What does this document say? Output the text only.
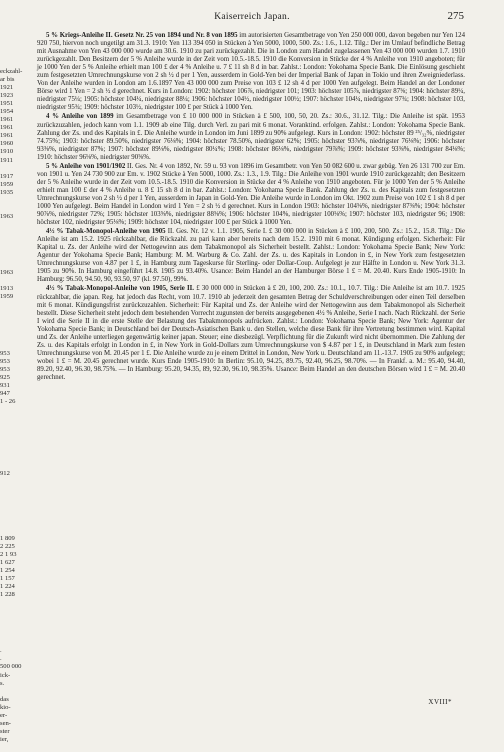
Kaiserreich Japan.	275
eckzahl-
ar bis
1921
1923
1951
1954
1961
1961
1961
1960
1910
1911
1917
1959
1935
1963
1963
1913
1959
953
953
953
925
931
947
1 - 26
912
1 809
2 225
2 1 93
1 627
1 254
1 157
1 224
1 228
.
.
500 000
ick-
s.
das
kio-
er-
sen-
ster
ier,

5 % Kriegs-Anleihe II. Gesetz Nr. 25 von 1894 und Nr. 8 von 1895 im autorisierten Gesamtbetrage von Yen 250 000 000, davon begeben nur Yen 124 920 750, hiervon noch ungetilgt am 31.3. 1910: Yen 113 394 050 in Stücken à Yen 5000, 1000, 500. Zs.: 1.6., 1.12. Tilg.: Der im Umlauf befindliche Betrag mit Ausnahme von Yen 43 000 000 wurde am 30.6. 1910 zu pari zurückgezahlt. Die in London zum Handel zugelassenen Yen 43 000 000 wurden 1.7. 1910 zurückgezahlt. Den Besitzern der 5 % Anleihe wurde in der Zeit vom 10.5.-18.5. 1910 die Konversion in Stücke der 4 % Anleihe von 1910 angeboten; für je 1000 Yen der 5 % Anleihe erhielt man 100 £ der 4 % Anleihe u. 7 £ 11 sh 8 d in bar. Zahlst.: London: Yokohama Specie Bank. Die Einlösung geschieht zum festgesetzten Umrechnungskurse von 2 sh ½ d per 1 Yen, ausserdem in Gold-Yen bei der Imperial Bank of Japan in Tokio und ihren Zweigniederlass. Von der Anleihe wurden in London am 1.6.1897 Yen 43 000 000 zum Preise von 103 £ 12 sh 4 d per 1000 Yen aufgelegt. Beim Handel an der Londoner Börse wird 1 Yen = 2 sh ½ d gerechnet. Kurs in London: 1902: höchster 106⅞, niedrigster 101; 1903: höchster 105⅞, niedrigster 87⅝; 1904: höchster 89¼, niedrigster 75¼; 1905: höchster 104¼, niedrigster 88¼; 1906: höchster 104½, niedrigster 100½; 1907: höchster 104¼, niedrigster 97¾; 1908: höchster 103, niedrigster 95¾; 1909: höchster 103½, niedrigster 100 £ per Stück à 1000 Yen.

4 % Anleihe von 1899 im Gesamtbetrage von £ 10 000 000 in Stücken à £ 500, 100, 50, 20. Zs.: 30.6., 31.12. Tilg.: Die Anleihe ist spät. 1953 zurückzuzahlen, jedoch kann vom 1.1. 1909 ab eine Tilg. durch Verl. zu pari mit 6 monat. Voranktind. erfolgen. Zahlst.: London: Yokohama Specie Bank. Zahlung der Zs. und des Kapitals in £. Die Anleihe wurde in London im Juni 1899 zu 90% aufgelegt. Kurs in London: 1902: höchster 89 ²⁵/₃₂%, niedrigster 74.75%; 1903: höchster 89.50%, niedrigster 76⅛%; 1904: höchster 78.50%, niedrigster 62%; 1905: höchster 93⅞%, niedrigster 76⅛%; 1906: höchster 93⅜%, niedrigster 87%; 1907: höchster 89⅛%, niedrigster 80¼%; 1908: höchster 86⅛%, niedrigster 79⅞%; 1909: höchster 93⅜%, niedrigster 84⅛%; 1910: höchster 96⅛%, niedrigster 90⅝%.

5 % Anleihe von 1901/1902 II. Ges. Nr. 4 von 1892, Nr. 59 u. 93 von 1896 im Gesamtbetr. von Yen 50 082 600 u. zwar gebüg. Yen 26 131 700 zur Em. von 1901 u. Yen 24 730 900 zur Em. v. 1902 Stücke à Yen 5000, 1000. Zs.: 1.3., 1.9. Tilg.: Die Anleihe von 1901 wurde 1910 zurückgezahlt; den Besitzern der 5 % Anleihe wurde in der Zeit vom 10.5.-18.5. 1910 die Konversion in Stücke der 4 % Anleihe von 1910 angeboten. Für je 1000 Yen der 5 % Anleihe erhielt man 100 £ der 4 % Anleihe u. 8 £ 15 sh 8 d in bar. Zahlst.: London: Yokohama Specie Bank. Zahlung der Zs. u. des Kapitals zum festgesetzten Umrechnungskurse von 2 sh ½ d per 1 Yen, ausserdem in Japan in Gold-Yen. Die Anleihe wurde in London im Okt. 1902 zum Preise von 102 £ 1 sh 8 d per 1000 Yen aufgelegt. Beim Handel in London wird 1 Yen = 2 sh ½ d gerechnet. Kurs in London 1903: höchster 104⅝%, niedrigster 87⅜%; 1904: höchster 90⅞%, niedrigster 72%; 1905: höchster 103⅝%, niedrigster 88⅝%; 1906: höchster 104%, niedrigster 100⅛%; 1907: höchster 103, niedrigster 96; 1908: höchster 102, niedrigster 95⅛%; 1909: höchster 104, niedrigster 100 £ per Stück à 1000 Yen.

4½ % Tabak-Monopol-Anleihe von 1905 II. Ges. Nr. 12 v. 1.1. 1905, Serie I. £ 30 000 000 in Stücken à £ 100, 200, 500. Zs.: 15.2., 15.8. Tilg.: Die Anleihe ist am 15.2. 1925 rückzahlbar, die Rückzahl. zu pari kann aber bereits nach dem 15.2. 1910 mit 6 monat. Kündigung erfolgen. Sicherheit: Für Kapital u. Zs. der Anleihe wird der Nettogewinn aus dem Tabakmonopol als Sicherheit bestellt. Zahlst.: London: Yokohama Specie Bank; New York: Agentur der Yokohama Specie Bank; Hamburg: M. M. Warburg & Co. Zahl. der Zs. u. des Kapitals in London in £, in New York zum festgesetzten Umrechnungskurse von 4.87 per 1 £, in Hamburg zum Tageskurse für Sterling- oder Dollar-Coup. Aufgelegt je zur Hälfte in London u. New York 31.3. 1905 zu 90%. In Hamburg eingeführt 14.8. 1905 zu 93.40%. Usance: Beim Handel an der Hamburger Börse 1 £ = M. 20.40. Kurs Ende 1905-1910: In Hamburg: 96.50, 94.50, 90, 93.50, 97 (kl. 97.50), 99%.

4½ % Tabak-Monopol-Anleihe von 1905, Serie II. £ 30 000 000 in Stücken à £ 20, 100, 200. Zs.: 10.1., 10.7. Tilg.: Die Anleihe ist am 10.7. 1925 rückzahlbar, die japan. Reg. hat jedoch das Recht, vom 10.7. 1910 ab jederzeit den gesamten Betrag der Schuldverschreibungen oder einen Teil derselben mit 6 monat. Kündigungsfrist zurückzuzahlen. Sicherheit: Für Kapital und Zs. der Anleihe wird der Nettogewinn aus dem Tabakmonopol als Sicherheit bestellt. Diese Sicherheit steht jedoch dem bestehenden Vorrecht zugunsten der bereits ausgegebenen 4½ % Anleihe, Serie I nach. Nach Rückzahl. der Serie I wird die Serie II in die erste Stelle der Belastung des Tabakmonopols aufrücken. Zahlst.: London: Yokohama Specie Bank; New York: Agentur der Yokohama Specie Bank; in Deutschland bei der Deutsch-Asiatischen Bank u. den Stellen, welche diese Bank für ihre Vertretung bestimmen wird. Kapital und Zs. der Anleihe unterliegen gegenwärtig keiner japan. Steuer; eine diesbezügl. Verpflichtung für die Zukunft wird nicht übernommen. Die Zahlung der Zs. u. des Kapitals erfolgt in London in £, in New York in Gold-Dollars zum Umrechnungskurse von $ 4.87 per 1 £, in Deutschland in Mark zum festen Umrechnungskurse von M. 20.45 per 1 £. Die Anleihe wurde zu je einem Drittel in London, New York u. Deutschland am 11.-13.7. 1905 zu 90% aufgelegt; wobei 1 £ = M. 20.45 gerechnet wurde. Kurs Ende 1905-1910: In Berlin: 95.10, 94.25, 89.75, 92.40, 96.25, 98.70%. — In Frankf. a. M.: 95.40, 94.40, 89.20, 92.40, 96.30, 98.75%. — In Hamburg: 95.20, 94.35, 89, 92.30, 96.10, 98.35%. Usance: Beim Handel an den deutschen Börsen wird 1 £ = M. 20.40 gerechnet.

XVIII*
